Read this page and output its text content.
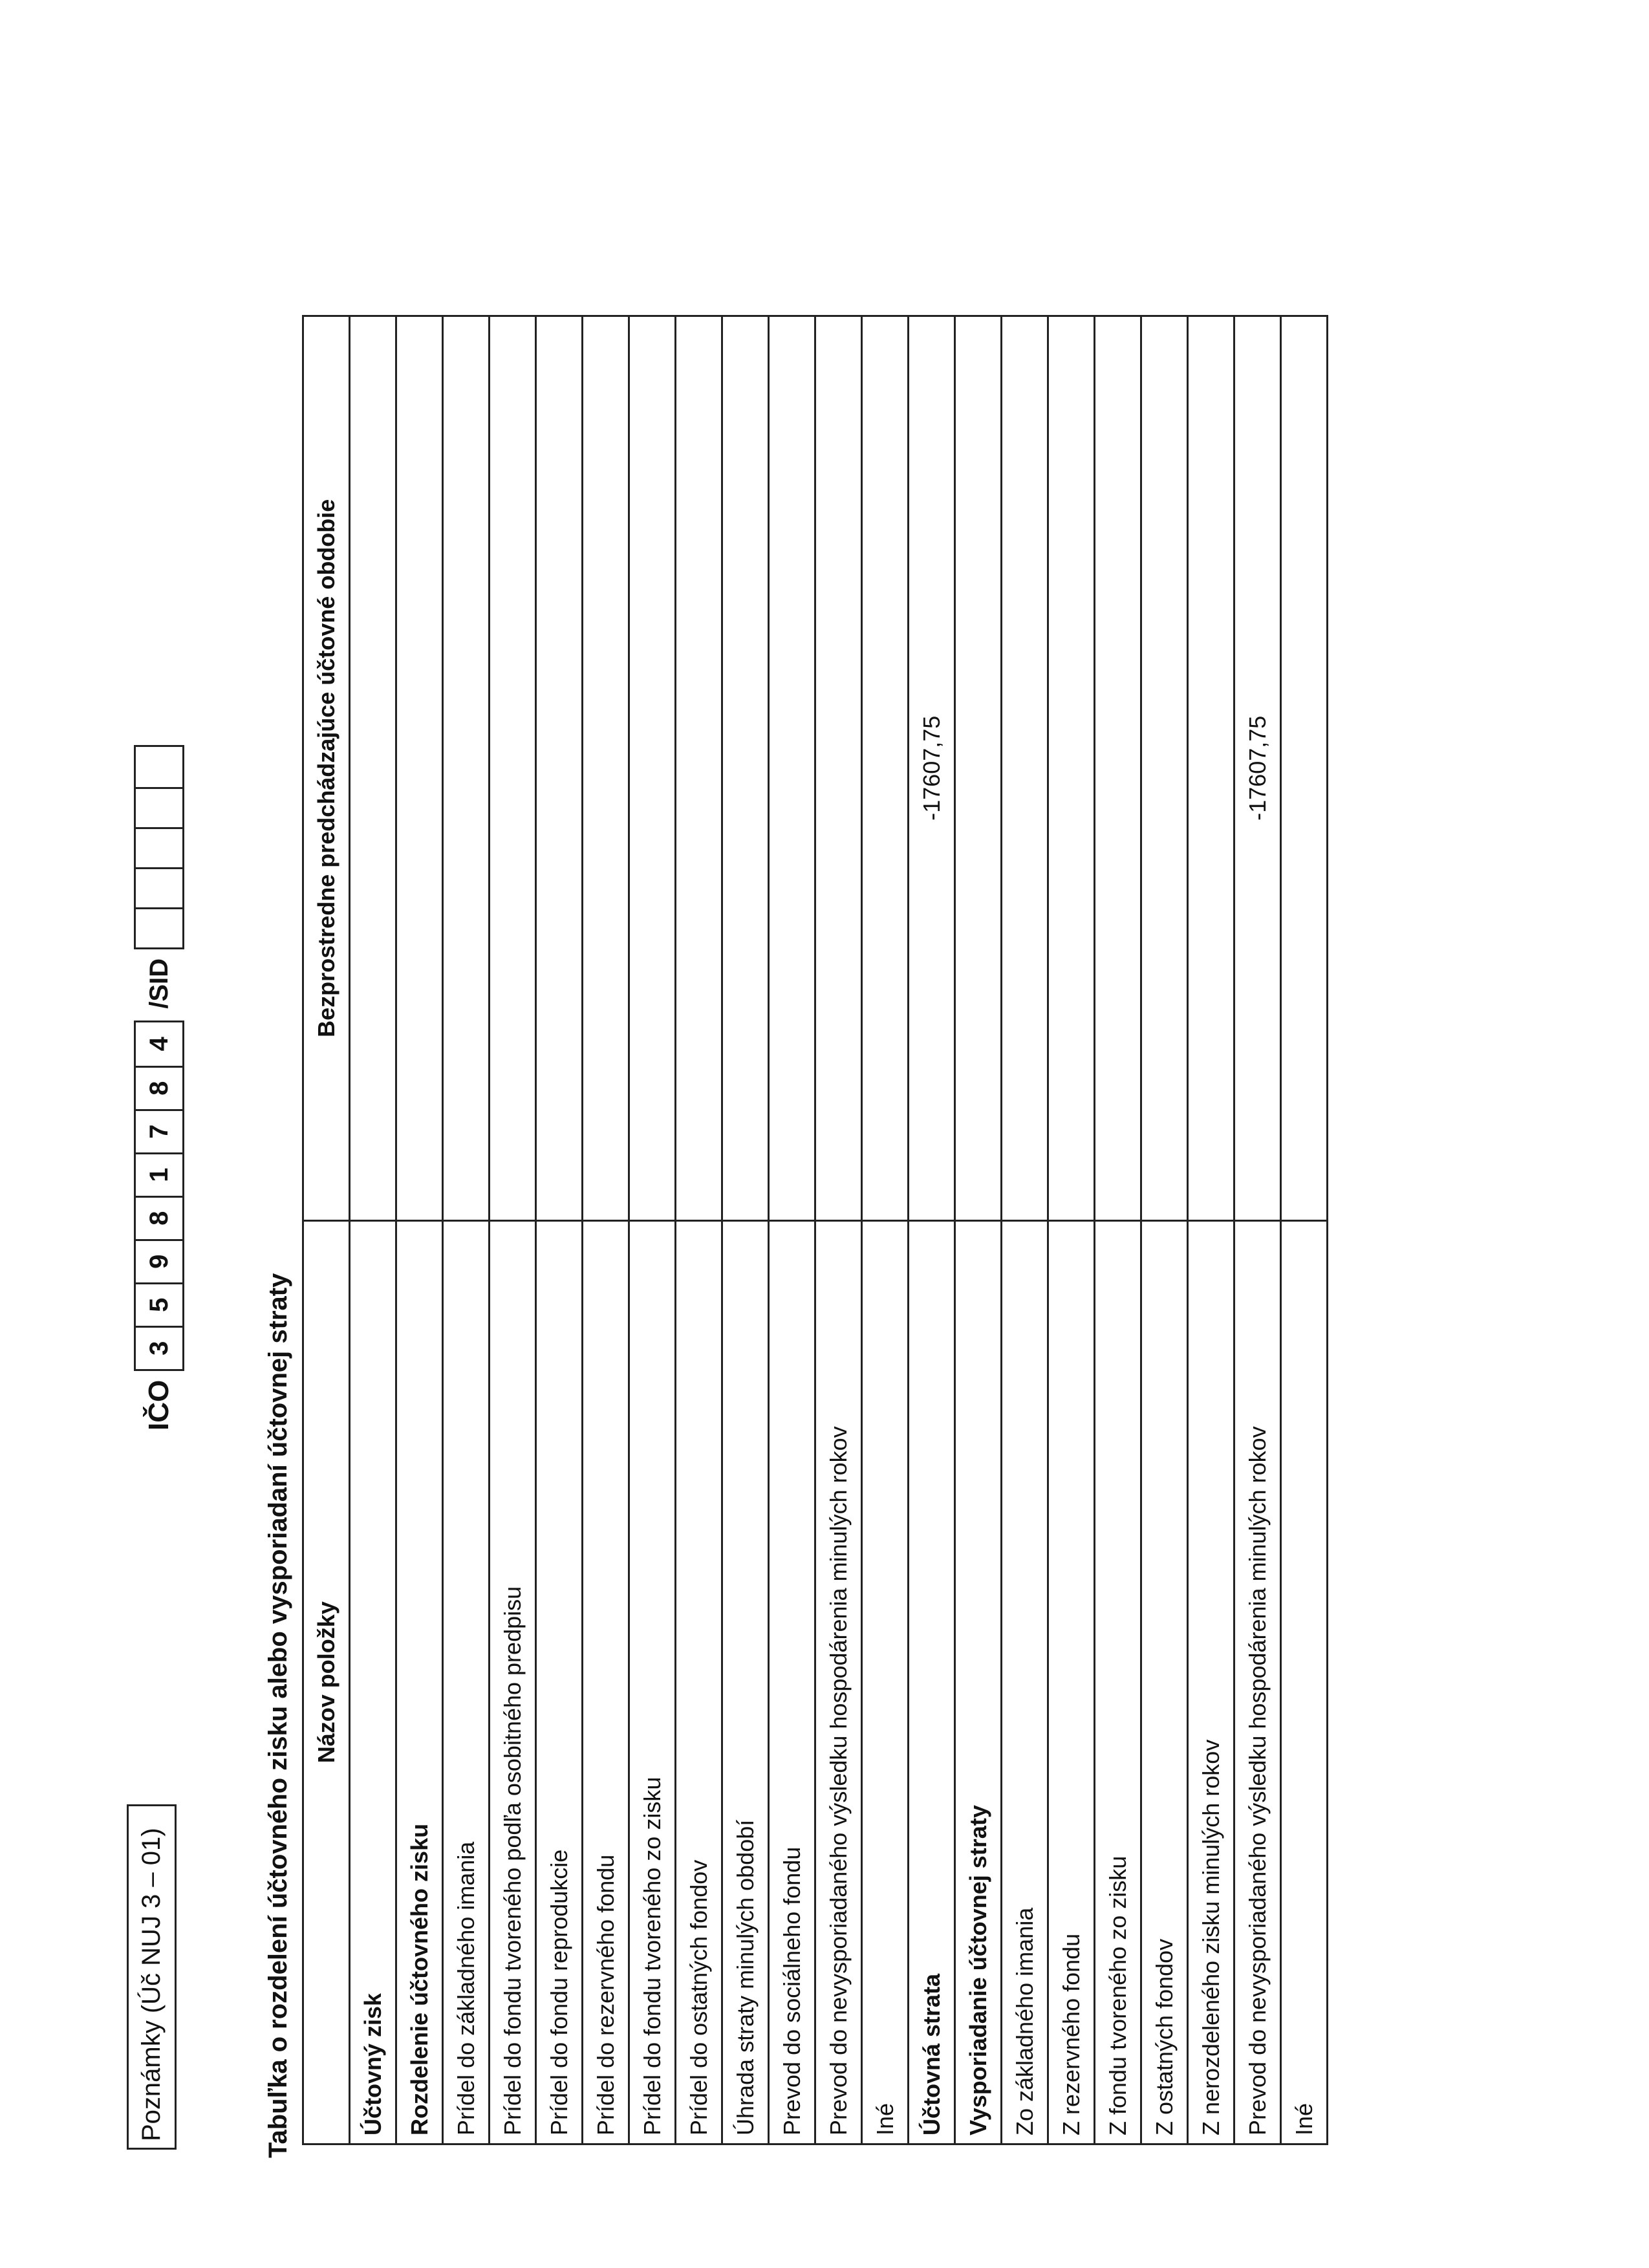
Poznámky (Úč NUJ 3 – 01)
IČO
3
5
9
8
1
7
8
4
/SID
Tabuľka o rozdelení účtovného zisku alebo vysporiadaní účtovnej straty Názov položky	Bezprostredne predchádzajúce účtovné obdobie
Účtovný zisk	
Rozdelenie účtovného zisku	
Prídel do základného imania	
Prídel do fondu tvoreného podľa osobitného predpisu	
Prídel do fondu reprodukcie	
Prídel do rezervného fondu	
Prídel do fondu tvoreného zo zisku	
Prídel do ostatných fondov	
Úhrada straty minulých období	
Prevod do sociálneho fondu	
Prevod do nevysporiadaného výsledku hospodárenia minulých rokov	
Iné	
Účtovná strata	-17607,75
Vysporiadanie účtovnej straty	
Zo základného imania	
Z rezervného fondu	
Z fondu tvoreného zo zisku	
Z ostatných fondov	
Z nerozdeleného zisku minulých rokov	
Prevod do nevysporiadaného výsledku hospodárenia minulých rokov	-17607,75
Iné	
